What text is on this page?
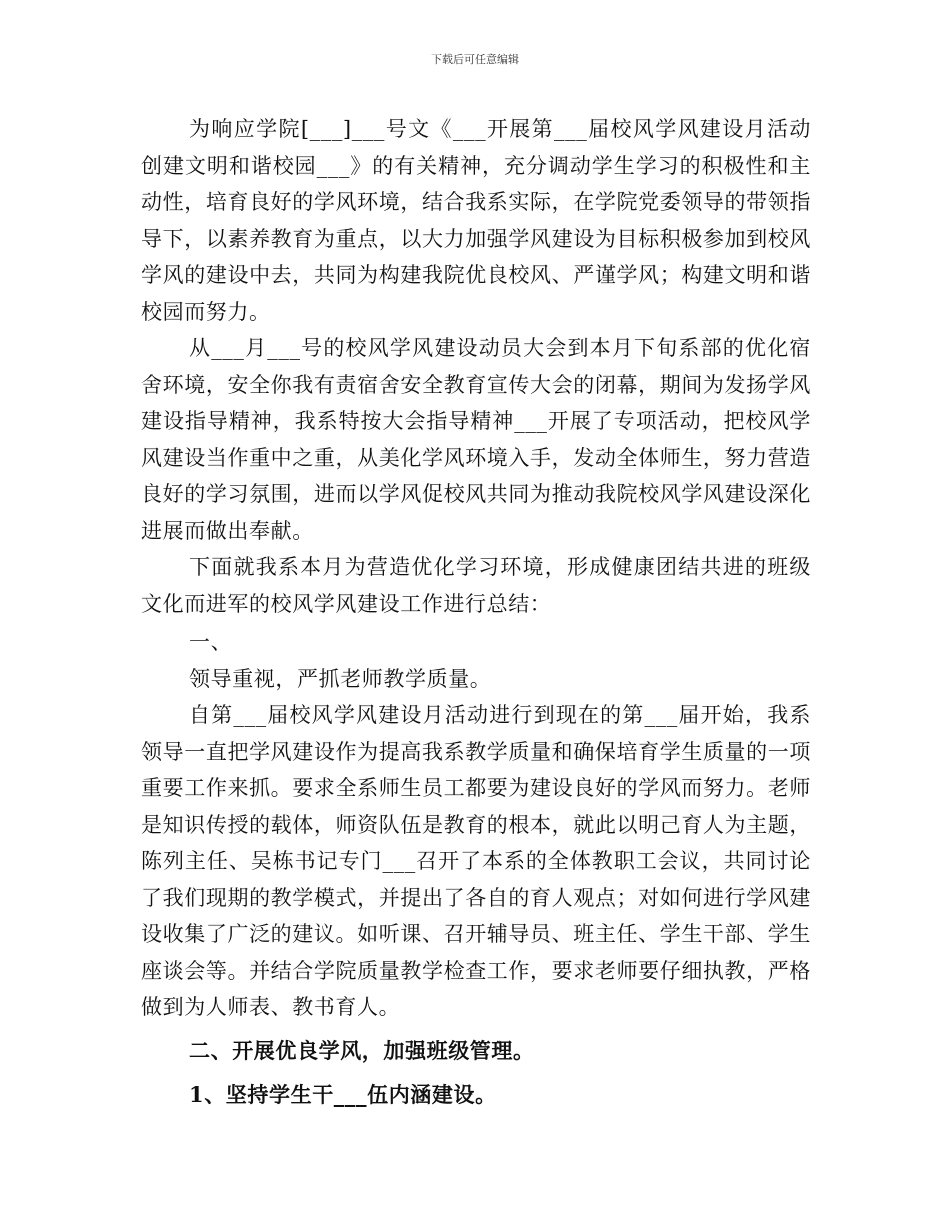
下载后可任意编辑

为响应学院[___]___号文《___开展第___届校风学风建设月活动创建文明和谐校园___》的有关精神，充分调动学生学习的积极性和主动性，培育良好的学风环境，结合我系实际，在学院党委领导的带领指导下，以素养教育为重点，以大力加强学风建设为目标积极参加到校风学风的建设中去，共同为构建我院优良校风、严谨学风；构建文明和谐校园而努力。

从___月___号的校风学风建设动员大会到本月下旬系部的优化宿舍环境，安全你我有责宿舍安全教育宣传大会的闭幕，期间为发扬学风建设指导精神，我系特按大会指导精神___开展了专项活动，把校风学风建设当作重中之重，从美化学风环境入手，发动全体师生，努力营造良好的学习氛围，进而以学风促校风共同为推动我院校风学风建设深化进展而做出奉献。

下面就我系本月为营造优化学习环境，形成健康团结共进的班级文化而进军的校风学风建设工作进行总结：

一、

领导重视，严抓老师教学质量。

自第___届校风学风建设月活动进行到现在的第___届开始，我系领导一直把学风建设作为提高我系教学质量和确保培育学生质量的一项重要工作来抓。要求全系师生员工都要为建设良好的学风而努力。老师是知识传授的载体，师资队伍是教育的根本，就此以明己育人为主题，陈列主任、吴栋书记专门___召开了本系的全体教职工会议，共同讨论了我们现期的教学模式，并提出了各自的育人观点；对如何进行学风建设收集了广泛的建议。如听课、召开辅导员、班主任、学生干部、学生座谈会等。并结合学院质量教学检查工作，要求老师要仔细执教，严格做到为人师表、教书育人。

二、开展优良学风，加强班级管理。

1、坚持学生干___伍内涵建设。
